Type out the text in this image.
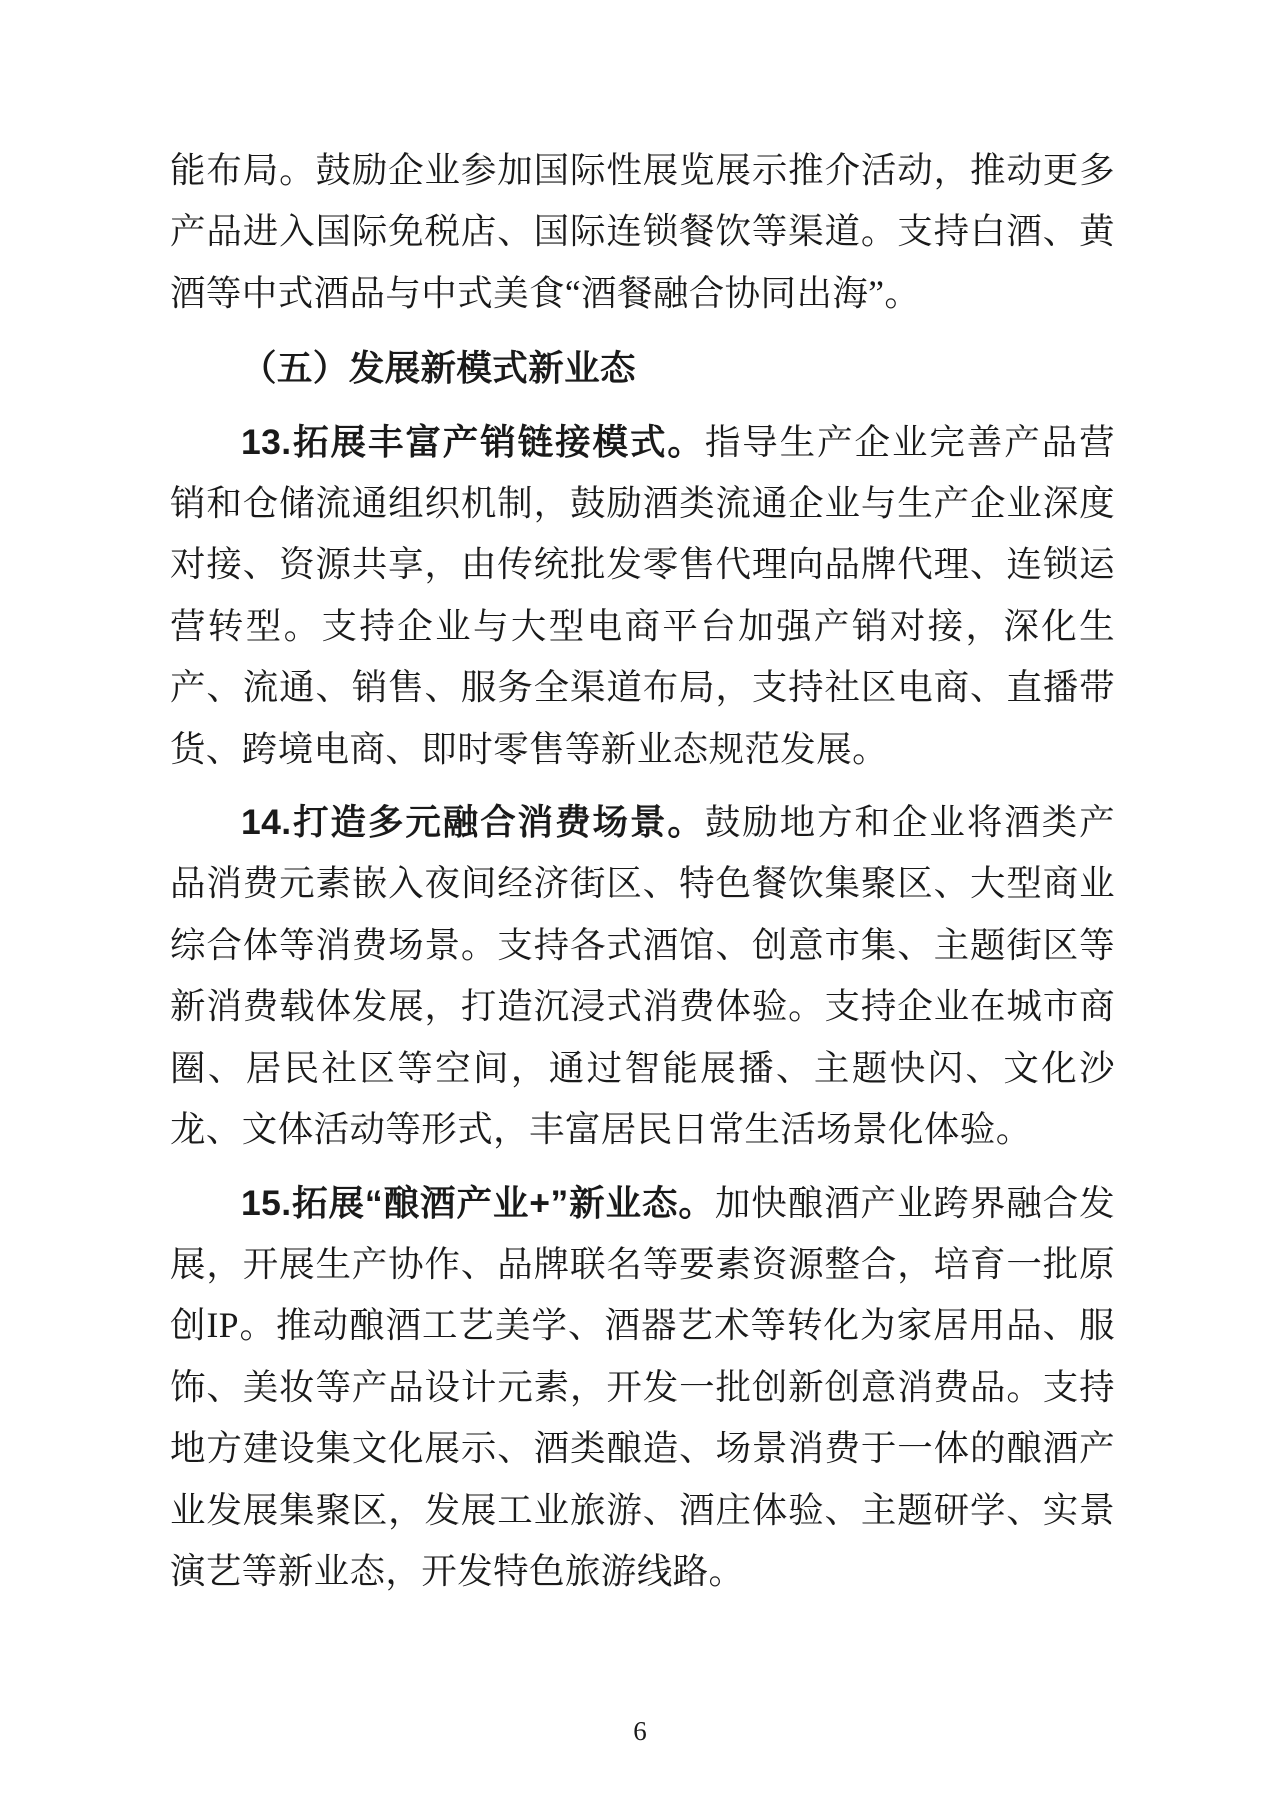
能布局。鼓励企业参加国际性展览展示推介活动，推动更多产品进入国际免税店、国际连锁餐饮等渠道。支持白酒、黄酒等中式酒品与中式美食“酒餐融合协同出海”。

（五）发展新模式新业态

13.拓展丰富产销链接模式。指导生产企业完善产品营销和仓储流通组织机制，鼓励酒类流通企业与生产企业深度对接、资源共享，由传统批发零售代理向品牌代理、连锁运营转型。支持企业与大型电商平台加强产销对接，深化生产、流通、销售、服务全渠道布局，支持社区电商、直播带货、跨境电商、即时零售等新业态规范发展。

14.打造多元融合消费场景。鼓励地方和企业将酒类产品消费元素嵌入夜间经济街区、特色餐饮集聚区、大型商业综合体等消费场景。支持各式酒馆、创意市集、主题街区等新消费载体发展，打造沉浸式消费体验。支持企业在城市商圈、居民社区等空间，通过智能展播、主题快闪、文化沙龙、文体活动等形式，丰富居民日常生活场景化体验。

15.拓展“酿酒产业+”新业态。加快酿酒产业跨界融合发展，开展生产协作、品牌联名等要素资源整合，培育一批原创IP。推动酿酒工艺美学、酒器艺术等转化为家居用品、服饰、美妆等产品设计元素，开发一批创新创意消费品。支持地方建设集文化展示、酒类酿造、场景消费于一体的酿酒产业发展集聚区，发展工业旅游、酒庄体验、主题研学、实景演艺等新业态，开发特色旅游线路。

6
